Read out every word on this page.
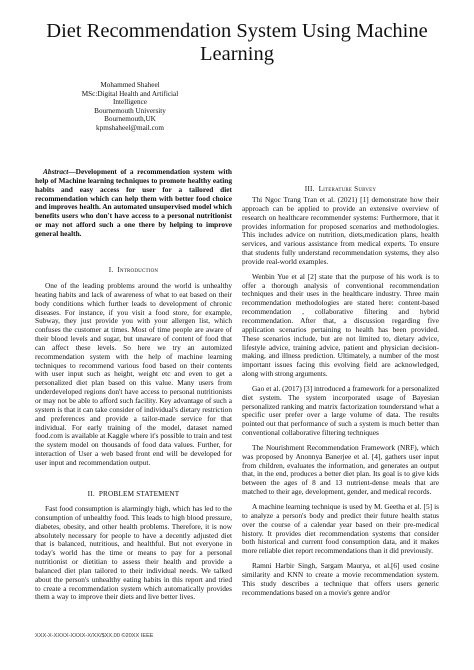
Diet Recommendation System Using Machine Learning
Mohammed Shaheel
MSc:Digital Health and Artificial
Intelligence
Bournemouth University
Bournemouth,UK
kpmshaheel@mail.com

Abstract—Development of a recommendation system with help of Machine learning techniques to promote healthy eating habits and easy access for user for a tailored diet recommendation which can help them with better food choice and improves health. An automated unsupervised model which benefits users who don't have access to a personal nutritionist or may not afford such a one there by helping to improve general health.

I. Introduction

One of the leading problems around the world is unhealthy heating habits and lack of awareness of what to eat based on their body conditions which further leads to development of chronic diseases. For instance, if you visit a food store, for example, Subway, they just provide you with your allergen list, which confuses the customer at times. Most of time people are aware of their blood levels and sugar, but unaware of content of food that can affect these levels. So here we try an automized recommendation system with the help of machine learning techniques to recommend various food based on their contents with user input such as height, weight etc and even to get a personalized diet plan based on this value. Many users from underdeveloped regions don't have access to personal nutritionists or may not be able to afford such facility. Key advantage of such a system is that it can take consider of individual's dietary restriction and preferences and provide a tailor-made service for that individual. For early training of the model, dataset named food.com is available at Kaggle where it's possible to train and test the system model on thousands of food data values. Further, for interaction of User a web based front end will be developed for user input and recommendation output.

II. PROBLEM STATEMENT

Fast food consumption is alarmingly high, which has led to the consumption of unhealthy food. This leads to high blood pressure, diabetes, obesity, and other health problems. Therefore, it is now absolutely necessary for people to have a decently adjusted diet that is balanced, nutritious, and healthful. But not everyone in today's world has the time or means to pay for a personal nutritionist or dietitian to assess their health and provide a balanced diet plan tailored to their individual needs. We talked about the person's unhealthy eating habits in this report and tried to create a recommendation system which automatically provides them a way to improve their diets and live better lives.

III. Literature Survey

Thi Ngoc Trang Tran et al. (2021) [1] demonstrate how their approach can be applied to provide an extensive overview of research on healthcare recommender systems: Furthermore, that it provides information for proposed scenarios and methodologies. This includes advice on nutrition, diets,medication plans, health services, and various assistance from medical experts. To ensure that students fully understand recommendation systems, they also provide real-world examples.

Wenbin Yue et al [2] state that the purpose of his work is to offer a thorough analysis of conventional recommendation techniques and their uses in the healthcare industry. Three main recommendation methodologies are stated here: content-based recommendation , collaborative filtering and hybrid recommendation. After that, a discussion regarding five application scenarios pertaining to health has been provided. These scenarios include, but are not limited to, dietary advice, lifestyle advice, training advice, patient and physician decision-making, and illness prediction. Ultimately, a number of the most important issues facing this evolving field are acknowledged, along with strong arguments.

Gao et al. (2017) [3] introduced a framework for a personalized diet system. The system incorporated usage of Bayesian personalized ranking and matrix factorization tounderstand what a specific user prefer over a large volume of data. The results pointed out that performance of such a system is much better than conventional collaborative filtering techniques

The Nourishment Recommendation Framework (NRF), which was proposed by Anonnya Banerjee et al. [4], gathers user input from children, evaluates the information, and generates an output that, in the end, produces a better diet plan. Its goal is to give kids between the ages of 8 and 13 nutrient-dense meals that are matched to their age, development, gender, and medical records.

A machine learning technique is used by M. Geetha et al. [5] is to analyze a person's body and predict their future health status over the course of a calendar year based on their pre-medical history. It provides diet recommendation systems that consider both historical and current food consumption data, and it makes more reliable diet report recommendations than it did previously.

Ramni Harbir Singh, Sargam Maurya, et al.[6] used cosine similarity and KNN to create a movie recommendation system. This study describes a technique that offers users generic recommendations based on a movie's genre and/or

XXX-X-XXXX-XXXX-X/XX/$XX.00 ©20XX IEEE
